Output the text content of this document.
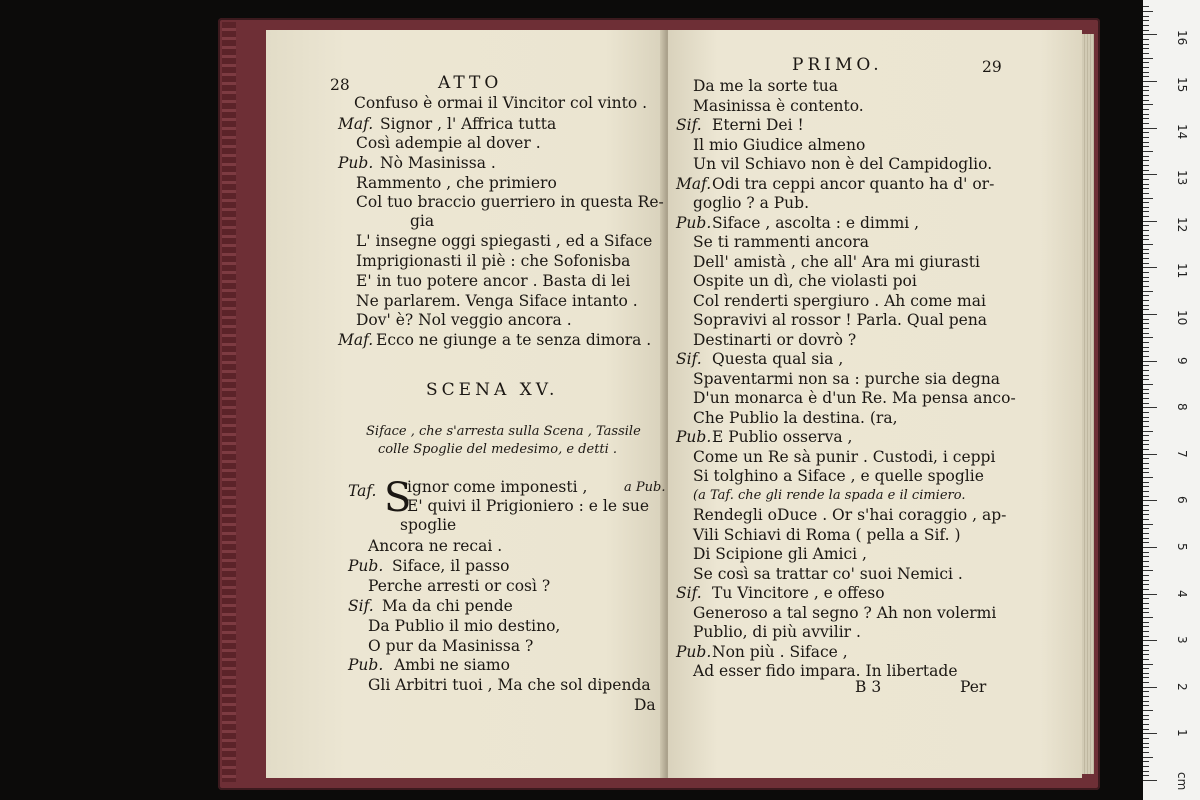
28	ATTO
Confuso è ormai il Vincitor col vinto .
Maf. Signor , l' Affrica tutta
Così adempie al dover .
Pub. Nò Masinissa .
Rammento , che primiero
Col tuo braccio guerriero in questa Re-
gia
L' insegne oggi spiegasti , ed a Siface
Imprigionasti il piè : che Sofonisba
E' in tuo potere ancor . Basta di lei
Ne parlarem. Venga Siface intanto .
Dov' è? Nol veggio ancora .
Maf. Ecco ne giunge a te senza dimora .
SCENA XV.
Siface , che s'arresta sulla Scena , Tassile
colle Spoglie del medesimo, e detti .
Taf. S
ignor come imponesti ,	a Pub.
E' quivi il Prigioniero : e le sue
spoglie
Ancora ne recai .
Pub. Siface, il passo
Perche arresti or così ?
Sif. Ma da chi pende
Da Publio il mio destino,
O pur da Masinissa ?
Pub. Ambi ne siamo
Gli Arbitri tuoi , Ma che sol dipenda
Da
PRIMO.	29
Da me la sorte tua
Masinissa è contento.
Sif. Eterni Dei !
Il mio Giudice almeno
Un vil Schiavo non è del Campidoglio.
Maf. Odi tra ceppi ancor quanto ha d' or-
goglio ? a Pub.
Pub. Siface , ascolta : e dimmi ,
Se ti rammenti ancora
Dell' amistà , che all' Ara mi giurasti
Ospite un dì, che violasti poi
Col renderti spergiuro . Ah come mai
Sopravivi al rossor ! Parla. Qual pena
Destinarti or dovrò ?
Sif. Questa qual sia ,
Spaventarmi non sa : purche sia degna
D'un monarca è d'un Re. Ma pensa anco-
Che Publio la destina. (ra,
Pub. E Publio osserva ,
Come un Re sà punir . Custodi, i ceppi
Si tolghino a Siface , e quelle spoglie
(a Taf. che gli rende la spada e il cimiero.
Rendegli oDuce . Or s'hai coraggio , ap-
Vili Schiavi di Roma ( pella a Sif. )
Di Scipione gli Amici ,
Se così sa trattar co' suoi Nemici .
Sif. Tu Vincitore , e offeso
Generoso a tal segno ? Ah non volermi
Publio, di più avvilir .
Pub. Non più . Siface ,
Ad esser fido impara. In libertade
B 3	Per
1
2
3
4
5
6
7
8
9
10
11
12
13
14
15
16
cm
